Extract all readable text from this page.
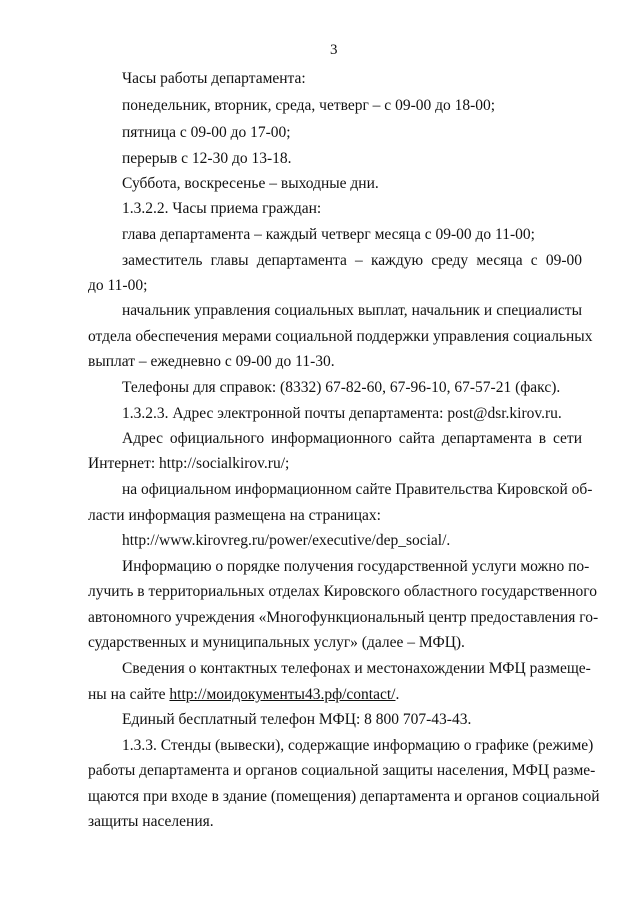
3
Часы работы департамента:
понедельник, вторник, среда, четверг – с 09-00 до 18-00;
пятница с 09-00 до 17-00;
перерыв с 12-30 до 13-18.
Суббота, воскресенье – выходные дни.
1.3.2.2. Часы приема граждан:
глава департамента – каждый четверг месяца с 09-00 до 11-00;
заместитель главы департамента – каждую среду месяца с 09-00
до 11-00;
начальник управления социальных выплат, начальник и специалисты
отдела обеспечения мерами социальной поддержки управления социальных
выплат – ежедневно с 09-00 до 11-30.
Телефоны для справок: (8332) 67-82-60, 67-96-10, 67-57-21 (факс).
1.3.2.3. Адрес электронной почты департамента: post@dsr.kirov.ru.
Адрес официального информационного сайта департамента в сети
Интернет: http://socialkirov.ru/;
на официальном информационном сайте Правительства Кировской об-
ласти информация размещена на страницах:
http://www.kirovreg.ru/power/executive/dep_social/.
Информацию о порядке получения государственной услуги можно по-
лучить в территориальных отделах Кировского областного государственного
автономного учреждения «Многофункциональный центр предоставления го-
сударственных и муниципальных услуг» (далее – МФЦ).
Сведения о контактных телефонах и местонахождении МФЦ размеще-
ны на сайте http://моидокументы43.рф/contact/.
Единый бесплатный телефон МФЦ: 8 800 707-43-43.
1.3.3. Стенды (вывески), содержащие информацию о графике (режиме)
работы департамента и органов социальной защиты населения, МФЦ разме-
щаются при входе в здание (помещения) департамента и органов социальной
защиты населения.
